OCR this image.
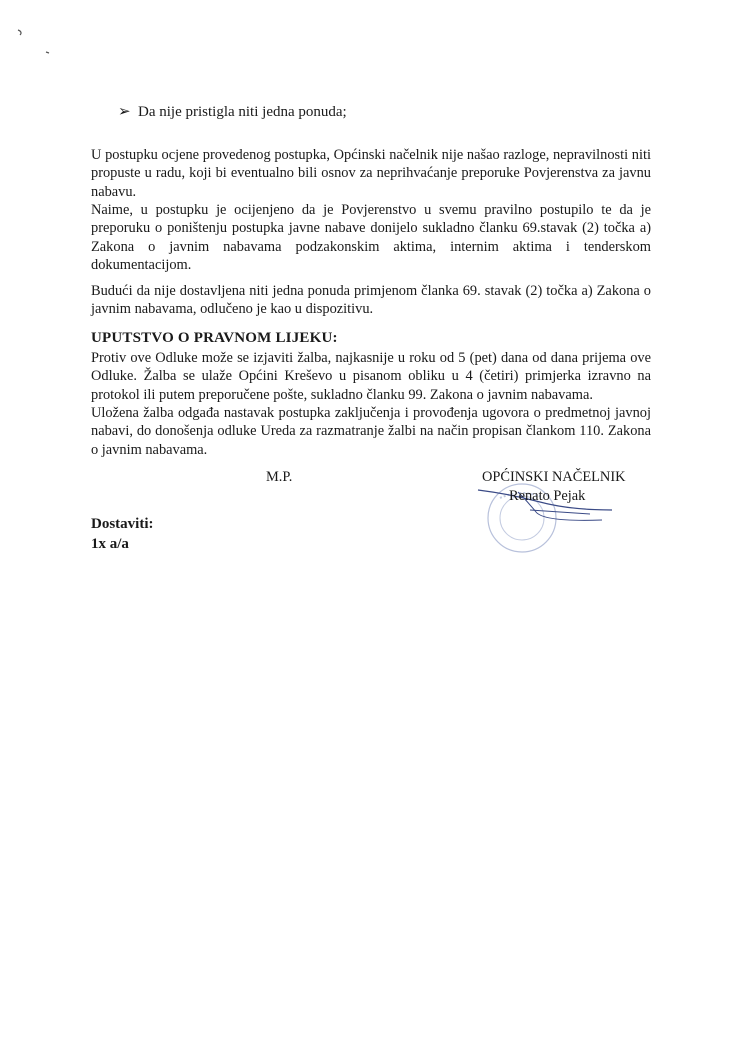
➢ Da nije pristigla niti jedna ponuda;

U postupku ocjene provedenog postupka, Općinski načelnik nije našao razloge, nepravilnosti niti propuste u radu, koji bi eventualno bili osnov za neprihvaćanje preporuke Povjerenstva za javnu nabavu.

Naime, u postupku je ocijenjeno da je Povjerenstvo u svemu pravilno postupilo te da je preporuku o poništenju postupka javne nabave donijelo sukladno članku 69.stavak (2) točka a) Zakona o javnim nabavama podzakonskim aktima, internim aktima i tenderskom dokumentacijom.

Budući da nije dostavljena niti jedna ponuda primjenom članka 69. stavak (2) točka a) Zakona o javnim nabavama, odlučeno je kao u dispozitivu.

UPUTSTVO O PRAVNOM LIJEKU:

Protiv ove Odluke može se izjaviti žalba, najkasnije u roku od 5 (pet) dana od dana prijema ove Odluke. Žalba se ulaže Općini Kreševo u pisanom obliku u 4 (četiri) primjerka izravno na protokol ili putem preporučene pošte, sukladno članku 99. Zakona o javnim nabavama.

Uložena žalba odgađa nastavak postupka zaključenja i provođenja ugovora o predmetnoj javnoj nabavi, do donošenja odluke Ureda za razmatranje žalbi na način propisan člankom 110. Zakona o javnim nabavama.

M.P.	OPĆINSKI NAČELNIK
Renato Pejak
Dostaviti:
1x a/a
